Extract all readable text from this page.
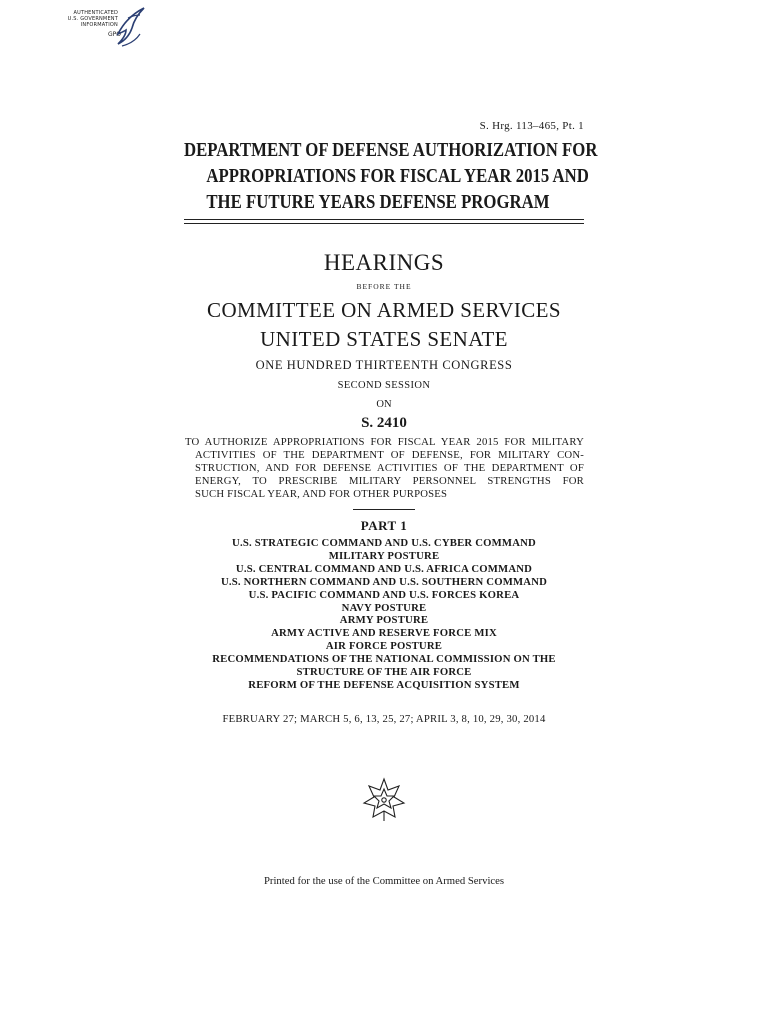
AUTHENTICATED
U.S. GOVERNMENT
INFORMATION
GPO
S. Hrg. 113–465, Pt. 1
DEPARTMENT OF DEFENSE AUTHORIZATION FOR
APPROPRIATIONS FOR FISCAL YEAR 2015 AND
THE FUTURE YEARS DEFENSE PROGRAM
HEARINGS
BEFORE THE
COMMITTEE ON ARMED SERVICES
UNITED STATES SENATE
ONE HUNDRED THIRTEENTH CONGRESS
SECOND SESSION
ON
S. 2410
TO AUTHORIZE APPROPRIATIONS FOR FISCAL YEAR 2015 FOR MILITARY
ACTIVITIES OF THE DEPARTMENT OF DEFENSE, FOR MILITARY CON-
STRUCTION, AND FOR DEFENSE ACTIVITIES OF THE DEPARTMENT OF
ENERGY, TO PRESCRIBE MILITARY PERSONNEL STRENGTHS FOR
SUCH FISCAL YEAR, AND FOR OTHER PURPOSES
PART 1
U.S. STRATEGIC COMMAND AND U.S. CYBER COMMAND
MILITARY POSTURE
U.S. CENTRAL COMMAND AND U.S. AFRICA COMMAND
U.S. NORTHERN COMMAND AND U.S. SOUTHERN COMMAND
U.S. PACIFIC COMMAND AND U.S. FORCES KOREA
NAVY POSTURE
ARMY POSTURE
ARMY ACTIVE AND RESERVE FORCE MIX
AIR FORCE POSTURE
RECOMMENDATIONS OF THE NATIONAL COMMISSION ON THE
STRUCTURE OF THE AIR FORCE
REFORM OF THE DEFENSE ACQUISITION SYSTEM
FEBRUARY 27; MARCH 5, 6, 13, 25, 27; APRIL 3, 8, 10, 29, 30, 2014
Printed for the use of the Committee on Armed Services
